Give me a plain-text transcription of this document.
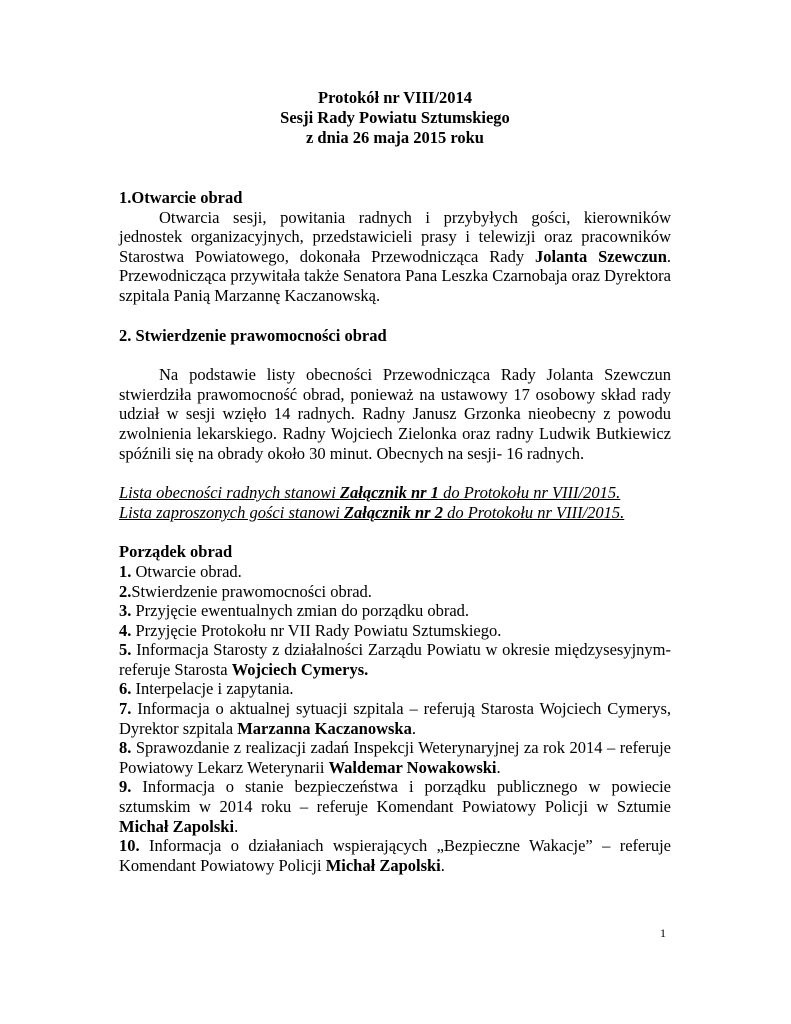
Protokół nr VIII/2014
Sesji Rady Powiatu Sztumskiego
z dnia 26 maja 2015 roku
1.Otwarcie obrad

Otwarcia sesji, powitania radnych i przybyłych gości, kierowników jednostek organizacyjnych, przedstawicieli prasy i telewizji oraz pracowników Starostwa Powiatowego, dokonała Przewodnicząca Rady Jolanta Szewczun. Przewodnicząca przywitała także Senatora Pana Leszka Czarnobaja oraz Dyrektora szpitala Panią Marzannę Kaczanowską.

2. Stwierdzenie prawomocności obrad

Na podstawie listy obecności Przewodnicząca Rady Jolanta Szewczun stwierdziła prawomocność obrad, ponieważ na ustawowy 17 osobowy skład rady udział w sesji wzięło 14 radnych. Radny Janusz Grzonka nieobecny z powodu zwolnienia lekarskiego. Radny Wojciech Zielonka oraz radny Ludwik Butkiewicz spóźnili się na obrady około 30 minut. Obecnych na sesji- 16 radnych.

Lista obecności radnych stanowi Załącznik nr 1 do Protokołu nr VIII/2015.
Lista zaproszonych gości stanowi Załącznik nr 2 do Protokołu nr VIII/2015.
Porządek obrad

1. Otwarcie obrad.

2.Stwierdzenie prawomocności obrad.

3. Przyjęcie ewentualnych zmian do porządku obrad.

4. Przyjęcie Protokołu nr VII Rady Powiatu Sztumskiego.

5. Informacja Starosty z działalności Zarządu Powiatu w okresie międzysesyjnym- referuje Starosta Wojciech Cymerys.

6. Interpelacje i zapytania.

7. Informacja o aktualnej sytuacji szpitala – referują Starosta Wojciech Cymerys, Dyrektor szpitala Marzanna Kaczanowska.

8. Sprawozdanie z realizacji zadań Inspekcji Weterynaryjnej za rok 2014 – referuje Powiatowy Lekarz Weterynarii Waldemar Nowakowski.

9. Informacja o stanie bezpieczeństwa i porządku publicznego w powiecie sztumskim w 2014 roku – referuje Komendant Powiatowy Policji w Sztumie Michał Zapolski.

10. Informacja o działaniach wspierających „Bezpieczne Wakacje” – referuje Komendant Powiatowy Policji Michał Zapolski.

1
